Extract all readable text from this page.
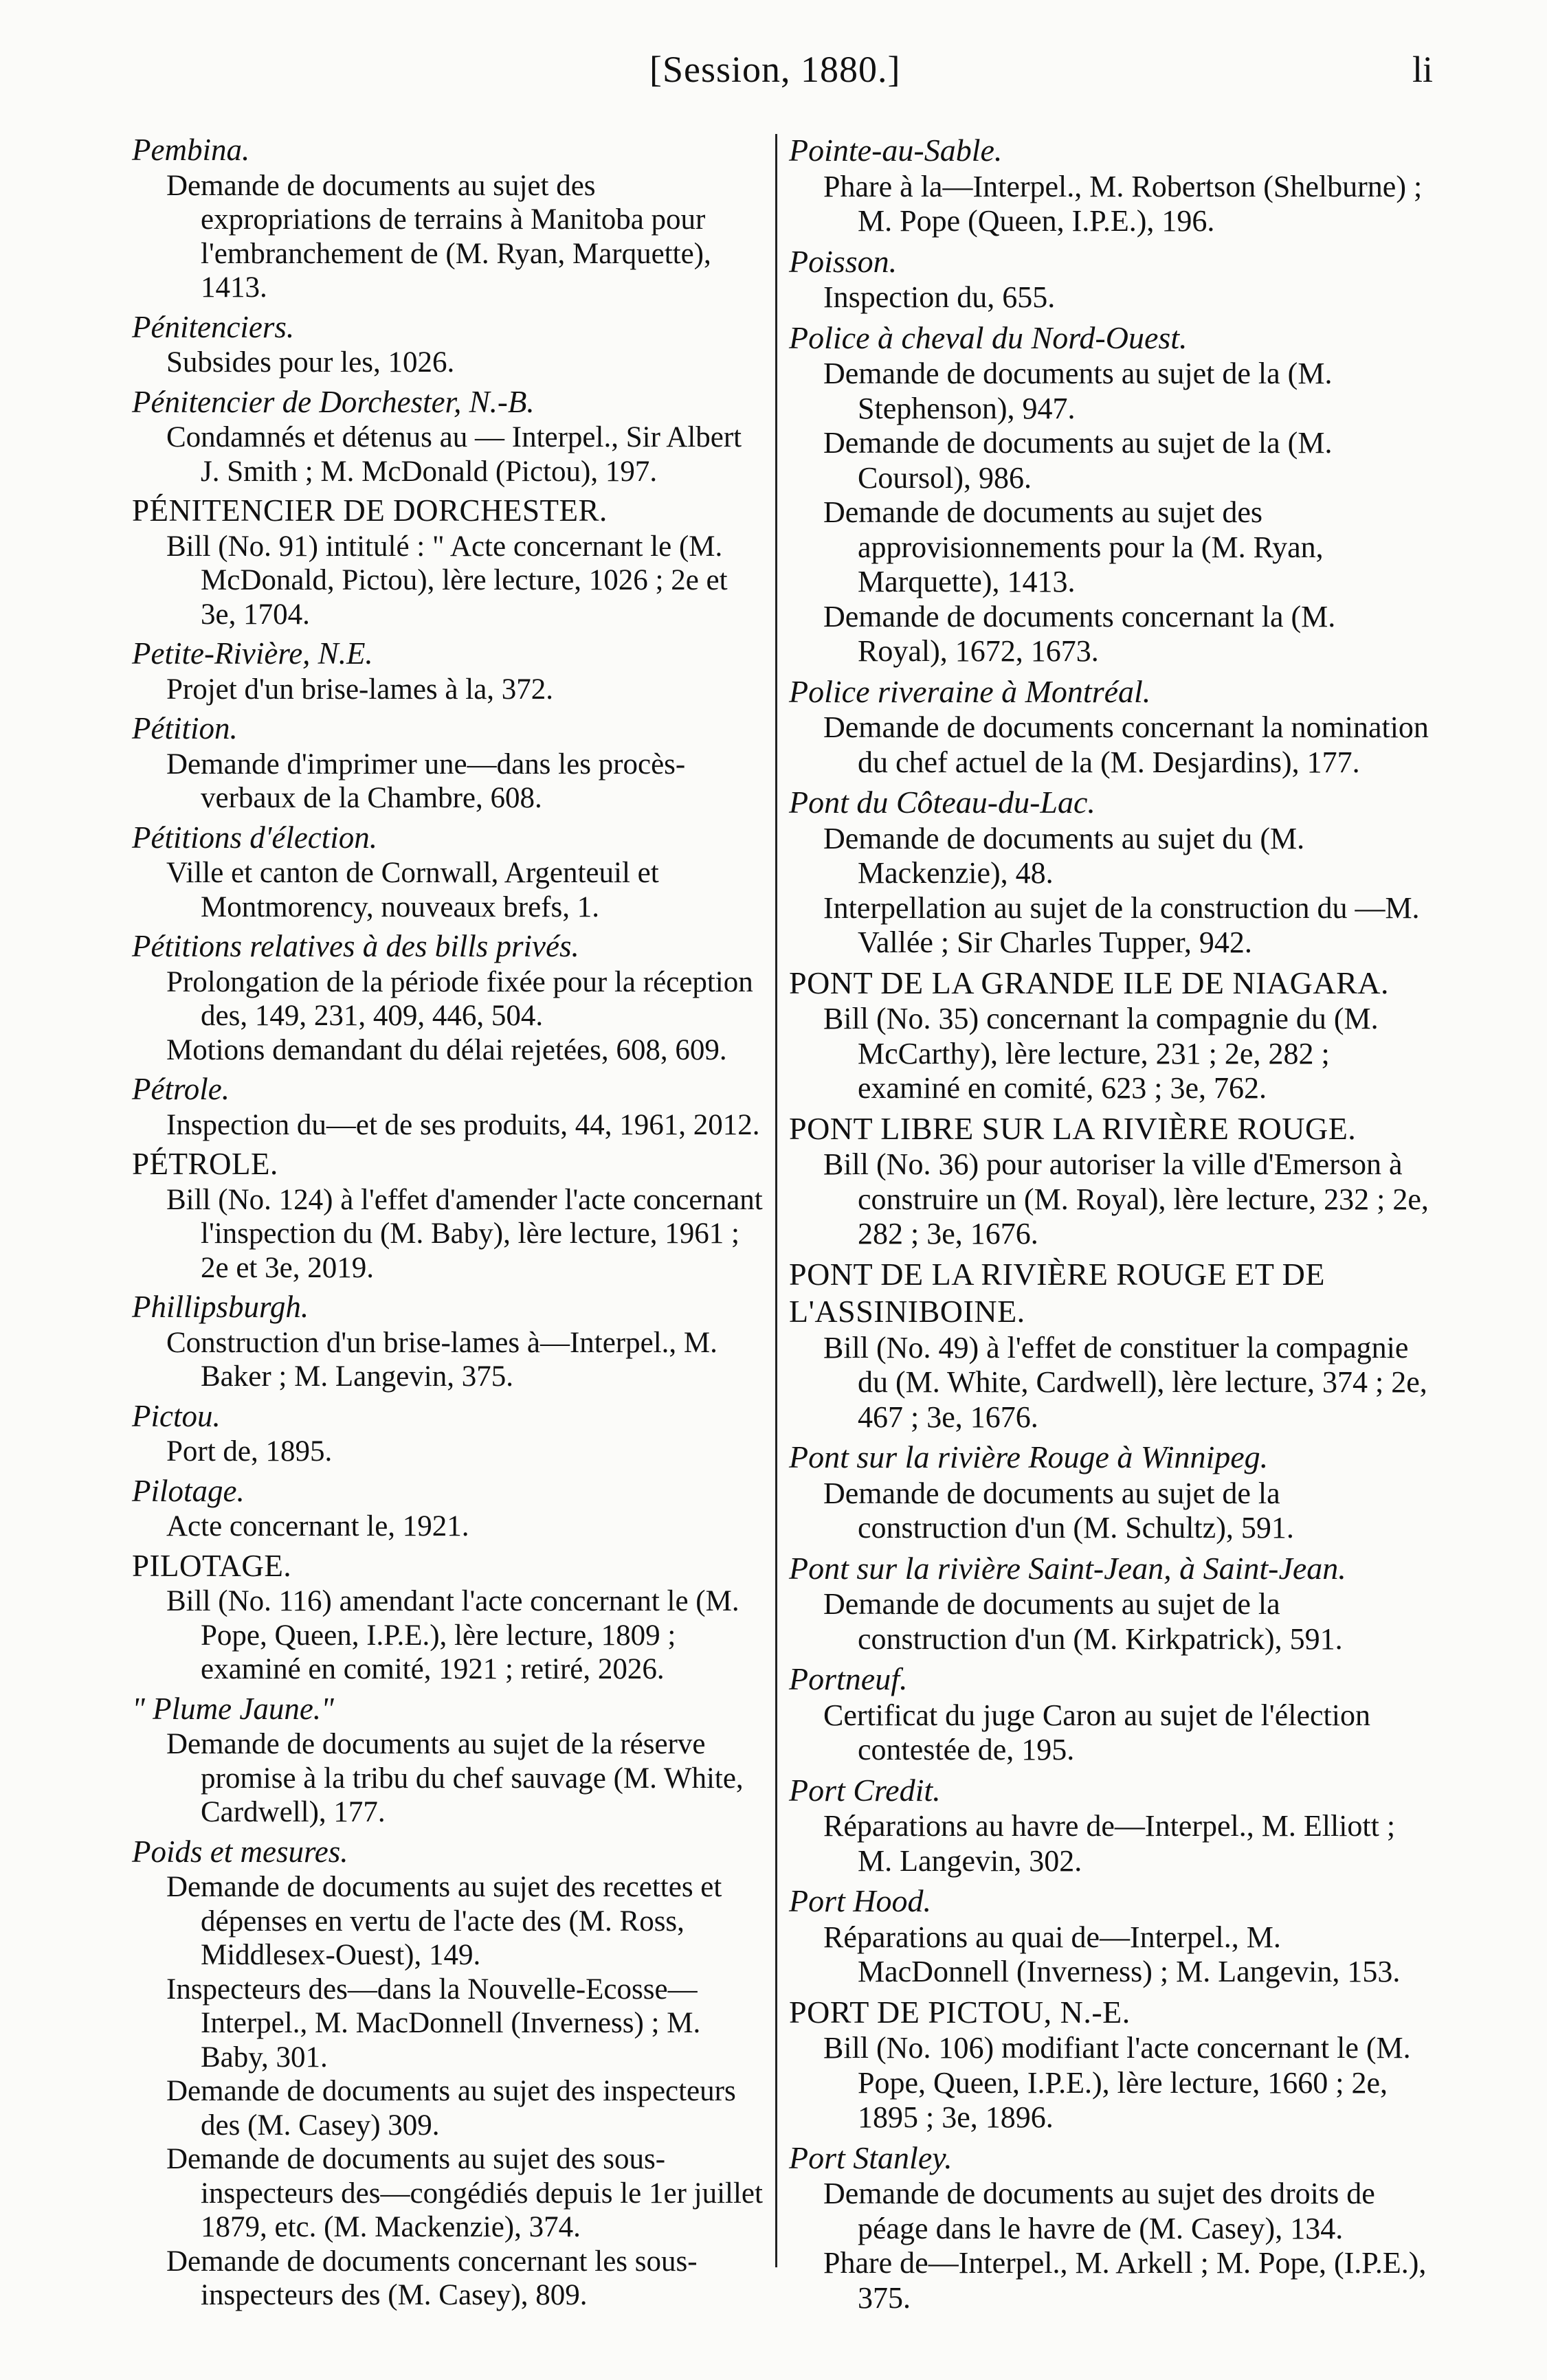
[Session, 1880.]	li
Pembina.
Demande de documents au sujet des expropriations de terrains à Manitoba pour l'embranchement de (M. Ryan, Marquette), 1413.
Pénitenciers.
Subsides pour les, 1026.
Pénitencier de Dorchester, N.-B.
Condamnés et détenus au — Interpel., Sir Albert J. Smith ; M. McDonald (Pictou), 197.
PÉNITENCIER DE DORCHESTER.
Bill (No. 91) intitulé : " Acte concernant le (M. McDonald, Pictou), lère lecture, 1026 ; 2e et 3e, 1704.
Petite-Rivière, N.E.
Projet d'un brise-lames à la, 372.
Pétition.
Demande d'imprimer une—dans les procès-verbaux de la Chambre, 608.
Pétitions d'élection.
Ville et canton de Cornwall, Argenteuil et Montmorency, nouveaux brefs, 1.
Pétitions relatives à des bills privés.
Prolongation de la période fixée pour la réception des, 149, 231, 409, 446, 504.
Motions demandant du délai rejetées, 608, 609.
Pétrole.
Inspection du—et de ses produits, 44, 1961, 2012.
PÉTROLE.
Bill (No. 124) à l'effet d'amender l'acte concernant l'inspection du (M. Baby), lère lecture, 1961 ; 2e et 3e, 2019.
Phillipsburgh.
Construction d'un brise-lames à—Interpel., M. Baker ; M. Langevin, 375.
Pictou.
Port de, 1895.
Pilotage.
Acte concernant le, 1921.
PILOTAGE.
Bill (No. 116) amendant l'acte concernant le (M. Pope, Queen, I.P.E.), lère lecture, 1809 ; examiné en comité, 1921 ; retiré, 2026.
" Plume Jaune."
Demande de documents au sujet de la réserve promise à la tribu du chef sauvage (M. White, Cardwell), 177.
Poids et mesures.
Demande de documents au sujet des recettes et dépenses en vertu de l'acte des (M. Ross, Middlesex-Ouest), 149.
Inspecteurs des—dans la Nouvelle-Ecosse—Interpel., M. MacDonnell (Inverness) ; M. Baby, 301.
Demande de documents au sujet des inspecteurs des (M. Casey) 309.
Demande de documents au sujet des sous-inspecteurs des—congédiés depuis le 1er juillet 1879, etc. (M. Mackenzie), 374.
Demande de documents concernant les sous-inspecteurs des (M. Casey), 809.
Pointe-au-Sable.
Phare à la—Interpel., M. Robertson (Shelburne) ; M. Pope (Queen, I.P.E.), 196.
Poisson.
Inspection du, 655.
Police à cheval du Nord-Ouest.
Demande de documents au sujet de la (M. Stephenson), 947.
Demande de documents au sujet de la (M. Coursol), 986.
Demande de documents au sujet des approvisionnements pour la (M. Ryan, Marquette), 1413.
Demande de documents concernant la (M. Royal), 1672, 1673.
Police riveraine à Montréal.
Demande de documents concernant la nomination du chef actuel de la (M. Desjardins), 177.
Pont du Côteau-du-Lac.
Demande de documents au sujet du (M. Mackenzie), 48.
Interpellation au sujet de la construction du —M. Vallée ; Sir Charles Tupper, 942.
PONT DE LA GRANDE ILE DE NIAGARA.
Bill (No. 35) concernant la compagnie du (M. McCarthy), lère lecture, 231 ; 2e, 282 ; examiné en comité, 623 ; 3e, 762.
PONT LIBRE SUR LA RIVIÈRE ROUGE.
Bill (No. 36) pour autoriser la ville d'Emerson à construire un (M. Royal), lère lecture, 232 ; 2e, 282 ; 3e, 1676.
PONT DE LA RIVIÈRE ROUGE ET DE L'ASSINIBOINE.
Bill (No. 49) à l'effet de constituer la compagnie du (M. White, Cardwell), lère lecture, 374 ; 2e, 467 ; 3e, 1676.
Pont sur la rivière Rouge à Winnipeg.
Demande de documents au sujet de la construction d'un (M. Schultz), 591.
Pont sur la rivière Saint-Jean, à Saint-Jean.
Demande de documents au sujet de la construction d'un (M. Kirkpatrick), 591.
Portneuf.
Certificat du juge Caron au sujet de l'élection contestée de, 195.
Port Credit.
Réparations au havre de—Interpel., M. Elliott ; M. Langevin, 302.
Port Hood.
Réparations au quai de—Interpel., M. MacDonnell (Inverness) ; M. Langevin, 153.
PORT DE PICTOU, N.-E.
Bill (No. 106) modifiant l'acte concernant le (M. Pope, Queen, I.P.E.), lère lecture, 1660 ; 2e, 1895 ; 3e, 1896.
Port Stanley.
Demande de documents au sujet des droits de péage dans le havre de (M. Casey), 134.
Phare de—Interpel., M. Arkell ; M. Pope, (I.P.E.), 375.
